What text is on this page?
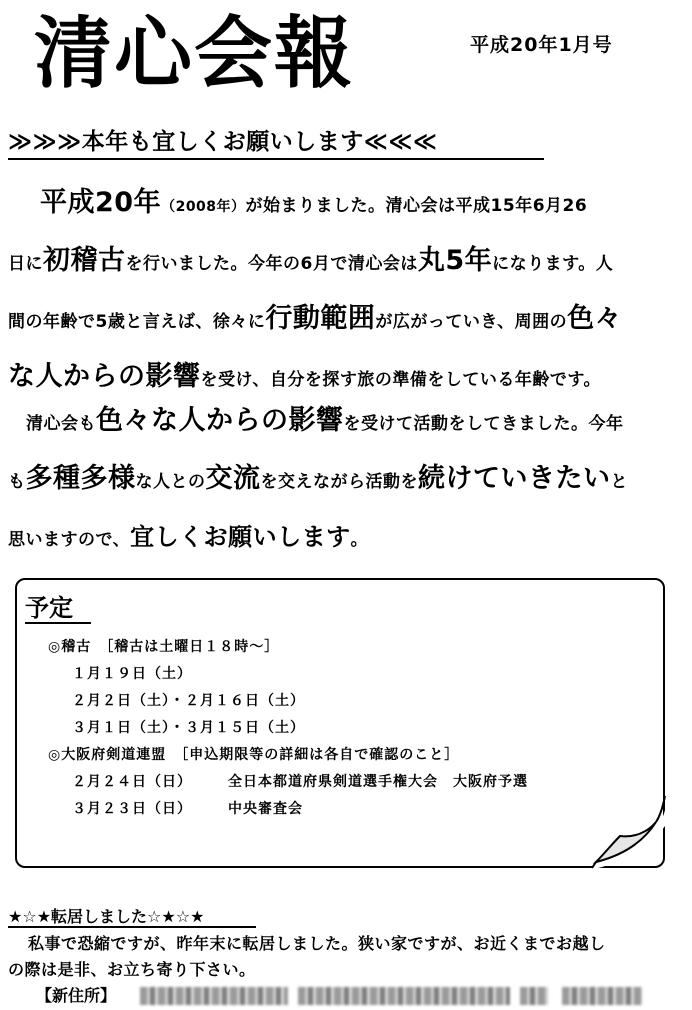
清心会報	平成20年1月号
≫≫≫本年も宜しくお願いします≪≪≪
平成20年（2008年）が始まりました。清心会は平成15年6月26
日に初稽古を行いました。今年の6月で清心会は丸5年になります。人
間の年齢で5歳と言えば、徐々に行動範囲が広がっていき、周囲の色々
な人からの影響を受け、自分を探す旅の準備をしている年齢です。
清心会も色々な人からの影響を受けて活動をしてきました。今年
も多種多様な人との交流を交えながら活動を続けていきたいと
思いますので、宜しくお願いします。
予定
◎稽古　［稽古は土曜日１８時～］
１月１９日（土）
２月２日（土）・２月１６日（土）
３月１日（土）・３月１５日（土）
◎大阪府剣道連盟　［申込期限等の詳細は各自で確認のこと］
２月２４日（日）	全日本都道府県剣道選手権大会　大阪府予選
３月２３日（日）	中央審査会
★☆★転居しました☆★☆★
私事で恐縮ですが、昨年末に転居しました。狭い家ですが、お近くまでお越し
の際は是非、お立ち寄り下さい。
【新住所】
